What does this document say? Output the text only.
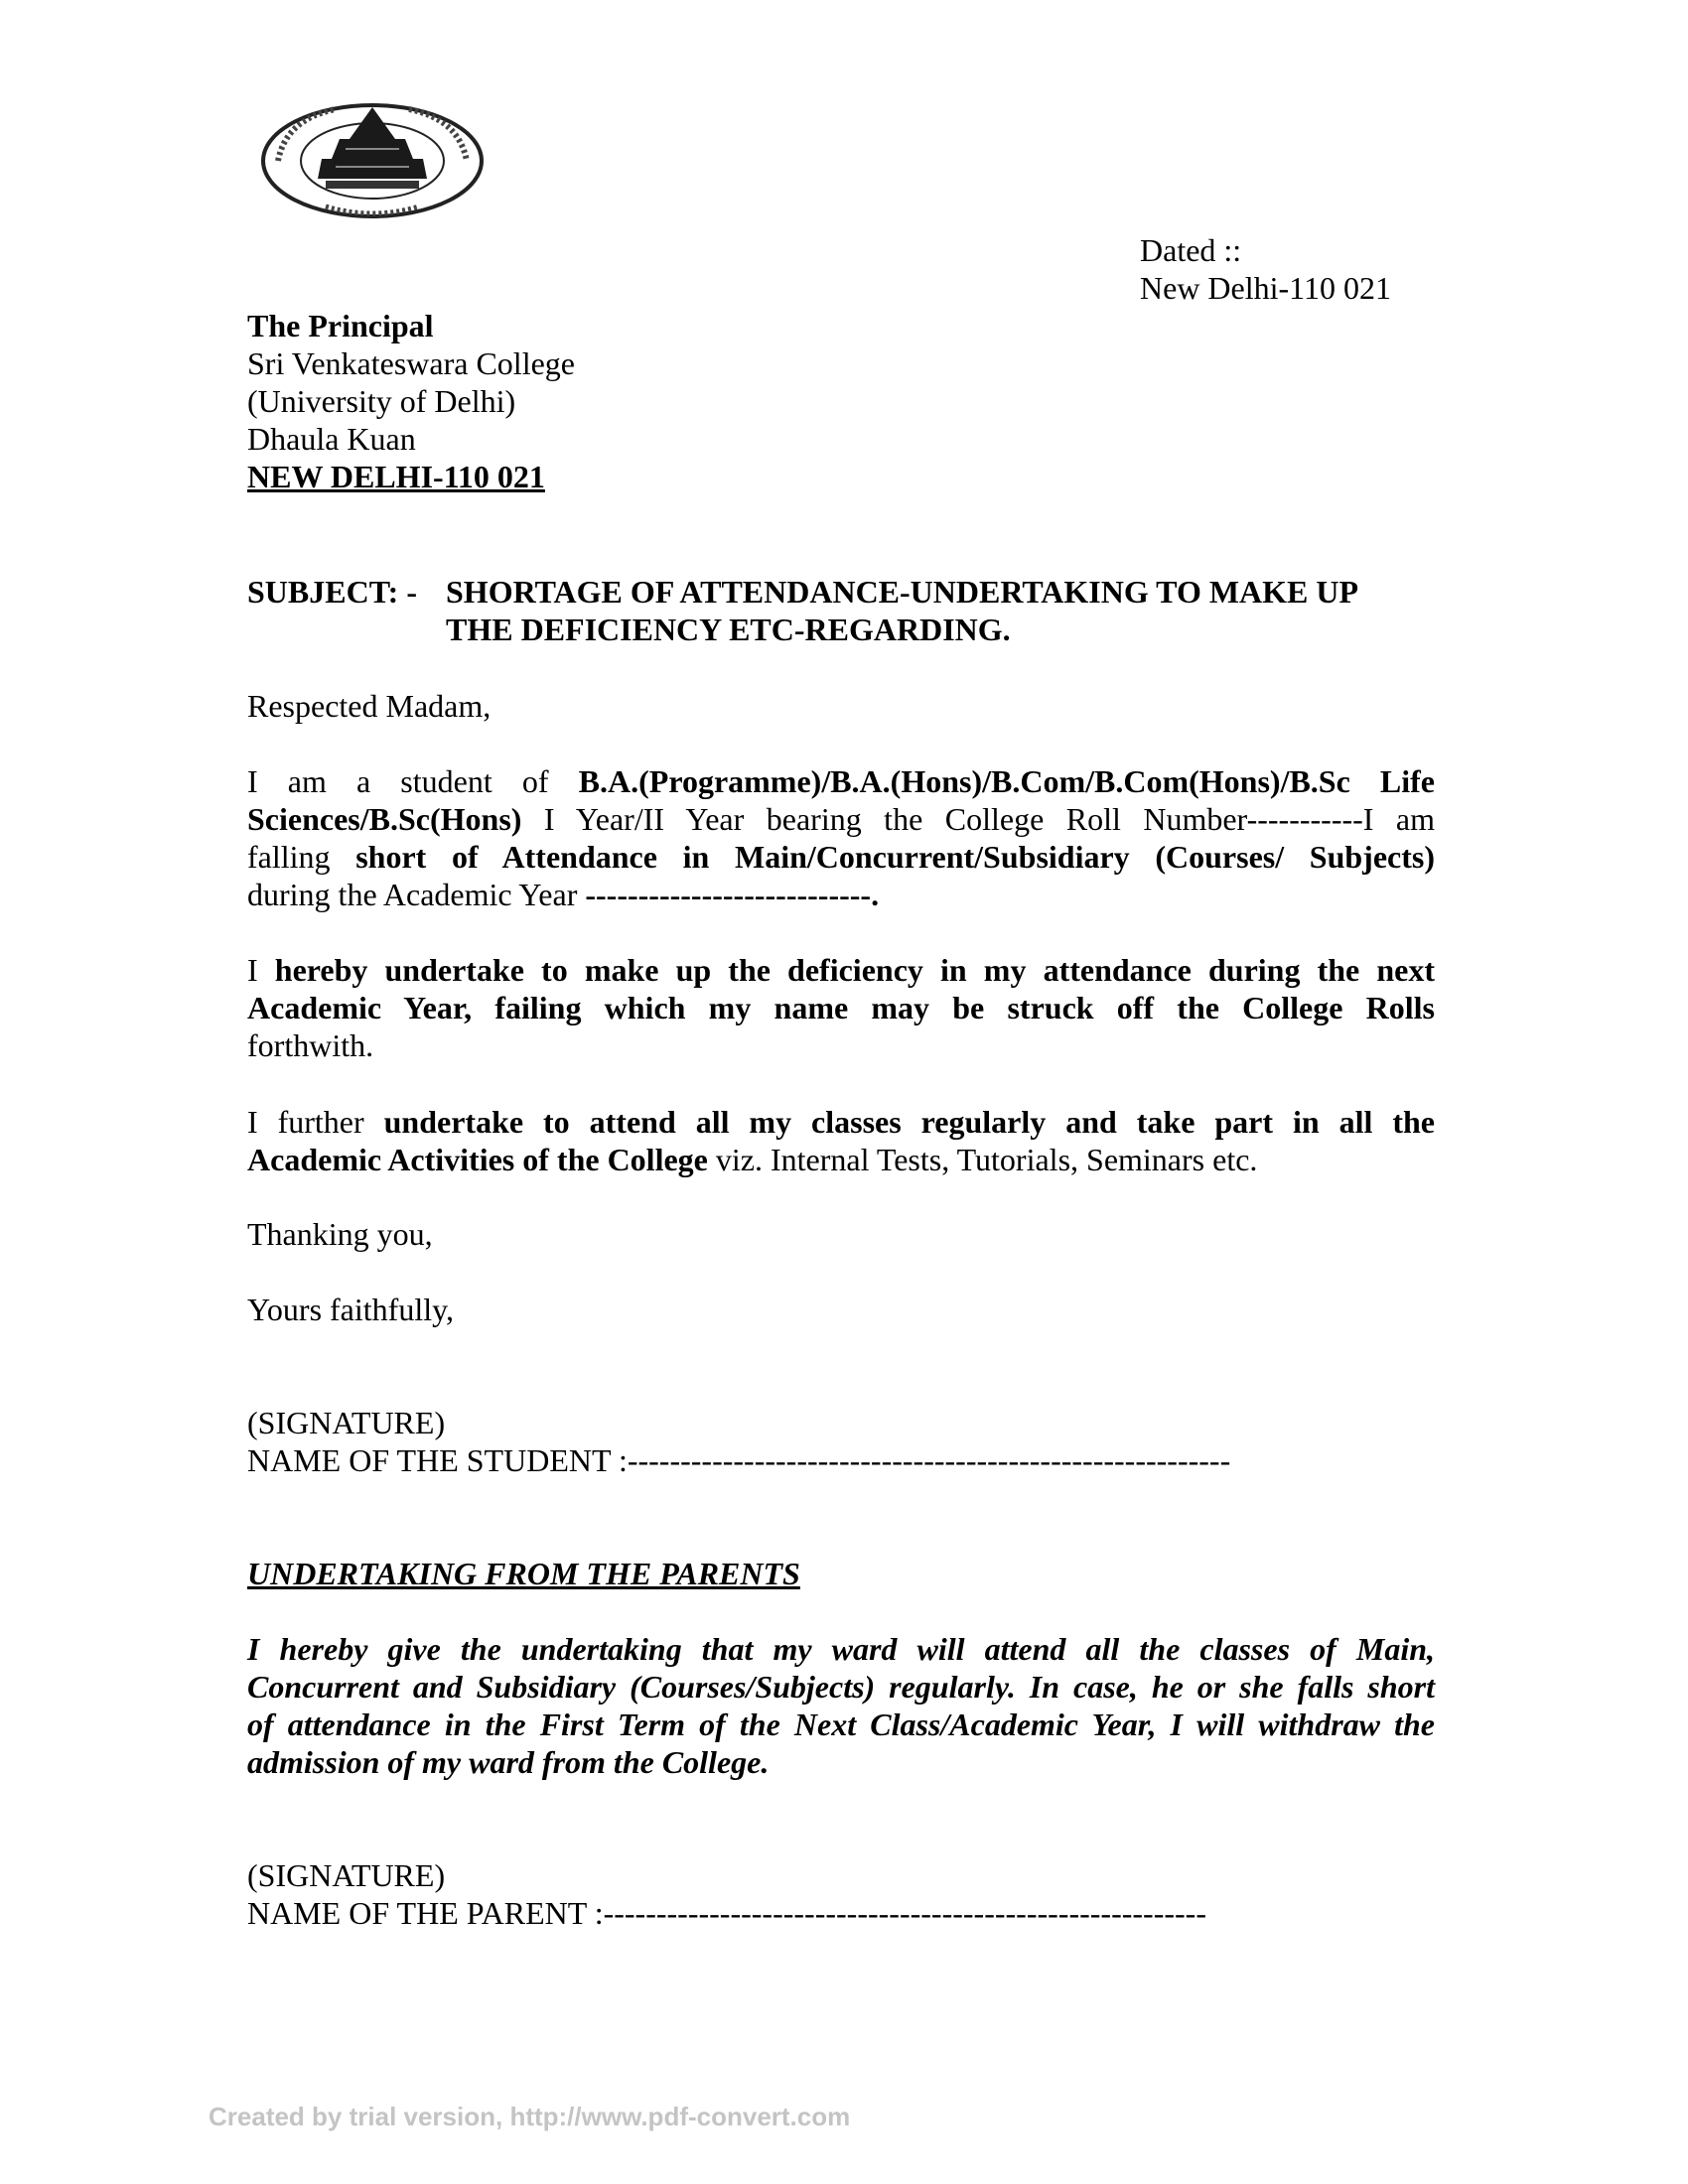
Dated ::
New Delhi-110 021
The Principal
Sri Venkateswara College
(University of Delhi)
Dhaula Kuan
NEW DELHI-110 021
SUBJECT: - SHORTAGE OF ATTENDANCE-UNDERTAKING TO MAKE UP
THE DEFICIENCY ETC-REGARDING.
Respected Madam,
I am a student of B.A.(Programme)/B.A.(Hons)/B.Com/B.Com(Hons)/B.Sc Life
Sciences/B.Sc(Hons) I Year/II Year bearing the College Roll Number-----------I am
falling short of Attendance in Main/Concurrent/Subsidiary (Courses/ Subjects)
during the Academic Year ---------------------------.
I hereby undertake to make up the deficiency in my attendance during the next
Academic Year, failing which my name may be struck off the College Rolls
forthwith.
I further undertake to attend all my classes regularly and take part in all the
Academic Activities of the College viz. Internal Tests, Tutorials, Seminars etc.
Thanking you,
Yours faithfully,
(SIGNATURE)
NAME OF THE STUDENT :---------------------------------------------------------
UNDERTAKING FROM THE PARENTS
I hereby give the undertaking that my ward will attend all the classes of Main,
Concurrent and Subsidiary (Courses/Subjects) regularly. In case, he or she falls short
of attendance in the First Term of the Next Class/Academic Year, I will withdraw the
admission of my ward from the College.
(SIGNATURE)
NAME OF THE PARENT :---------------------------------------------------------
Created by trial version, http://www.pdf-convert.com
